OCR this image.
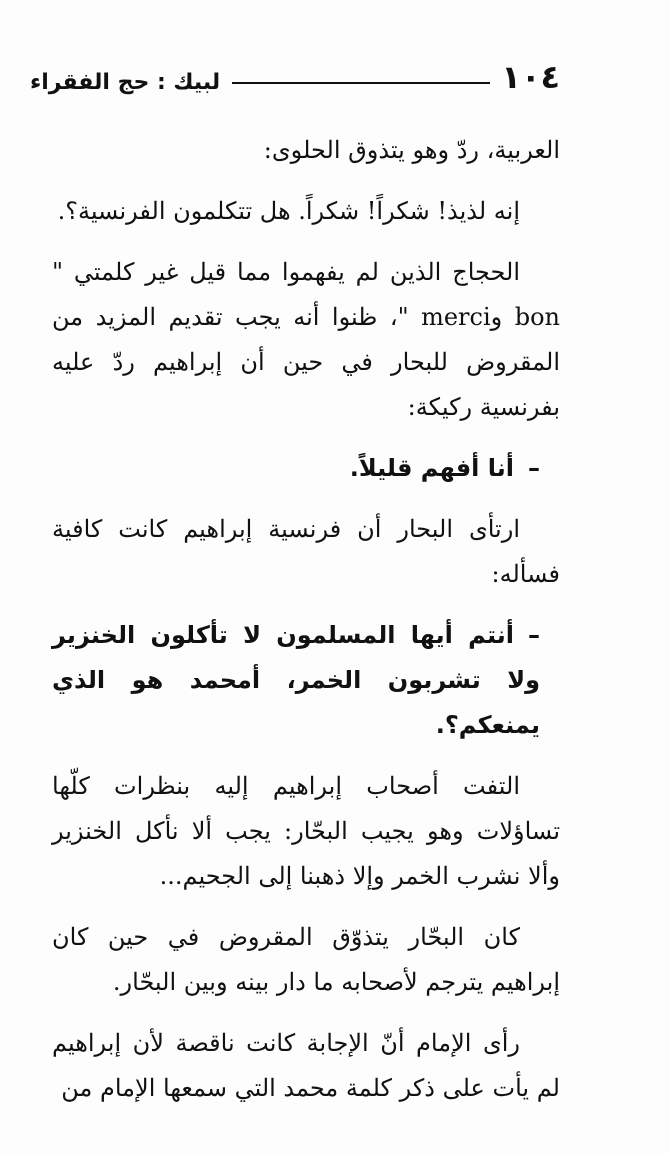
١٠٤
لبيك : حج الفقراء

العربية، ردّ وهو يتذوق الحلوى:

إنه لذيذ! شكراً! شكراً. هل تتكلمون الفرنسية؟.

الحجاج الذين لم يفهموا مما قيل غير كلمتي " bon وmerci "، ظنوا أنه يجب تقديم المزيد من المقروض للبحار في حين أن إبراهيم ردّ عليه بفرنسية ركيكة:

–أنا أفهم قليلاً.

ارتأى البحار أن فرنسية إبراهيم كانت كافية فسأله:

–أنتم أيها المسلمون لا تأكلون الخنزير ولا تشربون الخمر، أمحمد هو الذي يمنعكم؟.

التفت أصحاب إبراهيم إليه بنظرات كلّها تساؤلات وهو يجيب البحّار: يجب ألا نأكل الخنزير وألا نشرب الخمر وإلا ذهبنا إلى الجحيم...

كان البحّار يتذوّق المقروض في حين كان إبراهيم يترجم لأصحابه ما دار بينه وبين البحّار.

رأى الإمام أنّ الإجابة كانت ناقصة لأن إبراهيم لم يأت على ذكر كلمة محمد التي سمعها الإمام من
